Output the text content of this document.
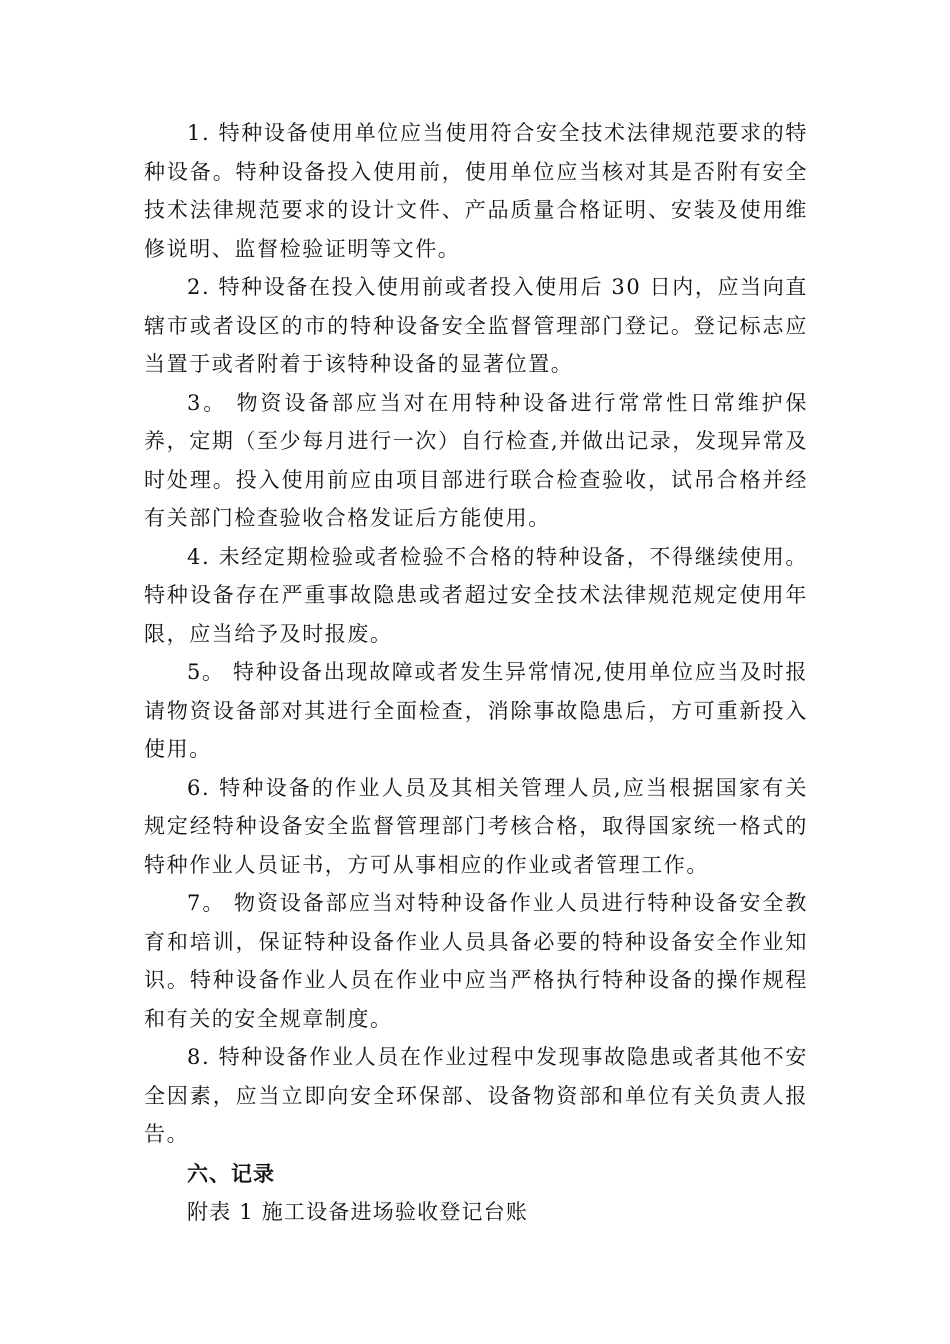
1. 特种设备使用单位应当使用符合安全技术法律规范要求的特种设备。特种设备投入使用前，使用单位应当核对其是否附有安全技术法律规范要求的设计文件、产品质量合格证明、安装及使用维修说明、监督检验证明等文件。

2. 特种设备在投入使用前或者投入使用后 30 日内，应当向直辖市或者设区的市的特种设备安全监督管理部门登记。登记标志应当置于或者附着于该特种设备的显著位置。

3。 物资设备部应当对在用特种设备进行常常性日常维护保养，定期（至少每月进行一次）自行检查,并做出记录，发现异常及时处理。投入使用前应由项目部进行联合检查验收，试吊合格并经有关部门检查验收合格发证后方能使用。

4. 未经定期检验或者检验不合格的特种设备，不得继续使用。特种设备存在严重事故隐患或者超过安全技术法律规范规定使用年限，应当给予及时报废。

5。 特种设备出现故障或者发生异常情况,使用单位应当及时报请物资设备部对其进行全面检查，消除事故隐患后，方可重新投入使用。

6. 特种设备的作业人员及其相关管理人员,应当根据国家有关规定经特种设备安全监督管理部门考核合格，取得国家统一格式的特种作业人员证书，方可从事相应的作业或者管理工作。

7。 物资设备部应当对特种设备作业人员进行特种设备安全教育和培训，保证特种设备作业人员具备必要的特种设备安全作业知识。特种设备作业人员在作业中应当严格执行特种设备的操作规程和有关的安全规章制度。

8. 特种设备作业人员在作业过程中发现事故隐患或者其他不安全因素，应当立即向安全环保部、设备物资部和单位有关负责人报告。

六、记录

附表 1 施工设备进场验收登记台账
